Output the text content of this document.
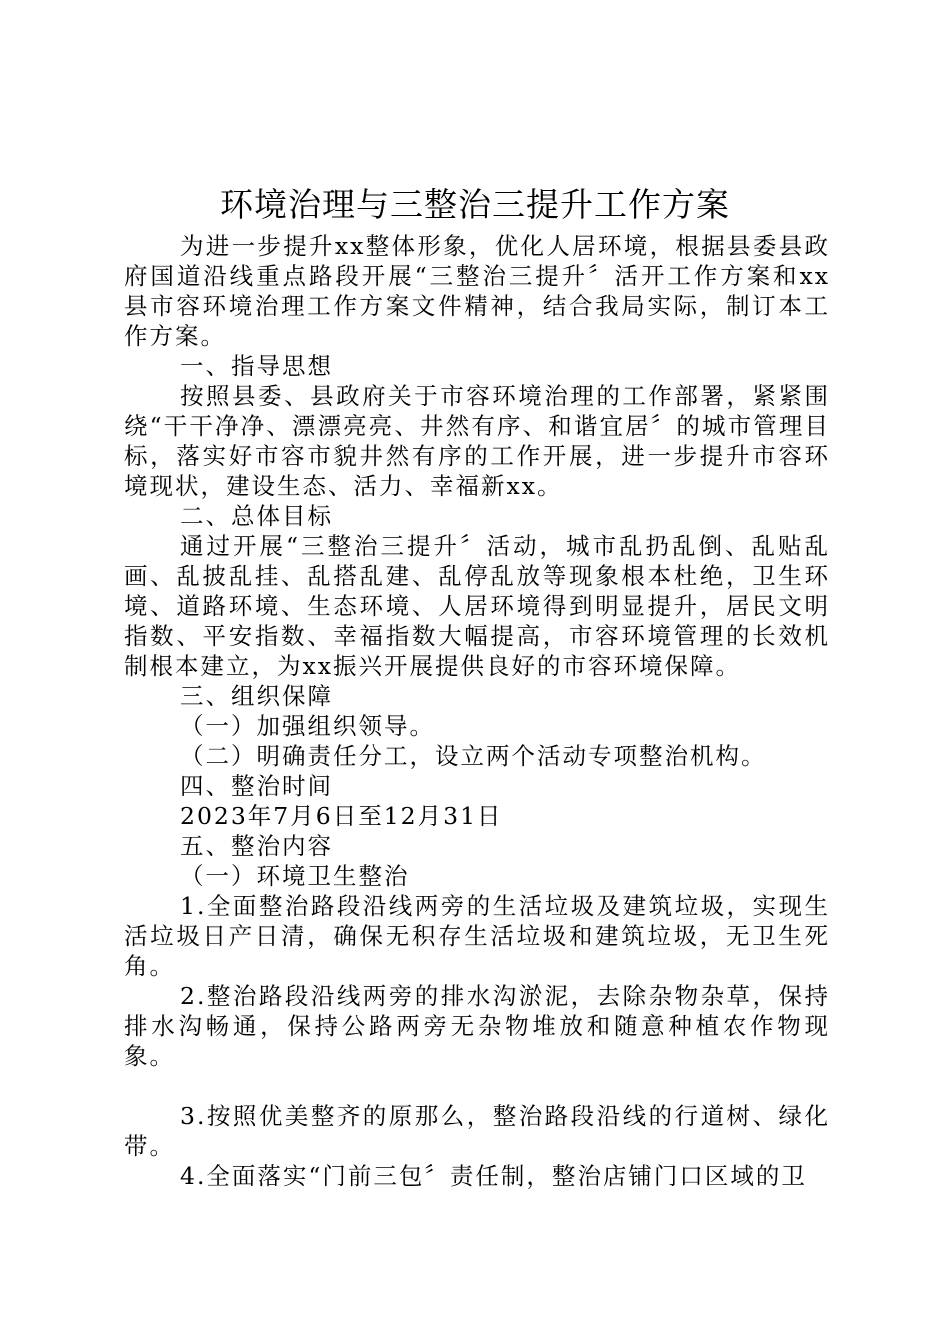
环境治理与三整治三提升工作方案

为进一步提升xx整体形象，优化人居环境，根据县委县政府国道沿线重点路段开展“三整治三提升〞活开工作方案和xx县市容环境治理工作方案文件精神，结合我局实际，制订本工作方案。

一、指导思想

按照县委、县政府关于市容环境治理的工作部署，紧紧围绕“干干净净、漂漂亮亮、井然有序、和谐宜居〞的城市管理目标，落实好市容市貌井然有序的工作开展，进一步提升市容环境现状，建设生态、活力、幸福新xx。

二、总体目标

通过开展“三整治三提升〞活动，城市乱扔乱倒、乱贴乱画、乱披乱挂、乱搭乱建、乱停乱放等现象根本杜绝，卫生环境、道路环境、生态环境、人居环境得到明显提升，居民文明指数、平安指数、幸福指数大幅提高，市容环境管理的长效机制根本建立，为xx振兴开展提供良好的市容环境保障。

三、组织保障

（一）加强组织领导。

（二）明确责任分工，设立两个活动专项整治机构。

四、整治时间

2023年7月6日至12月31日

五、整治内容

（一）环境卫生整治

1.全面整治路段沿线两旁的生活垃圾及建筑垃圾，实现生活垃圾日产日清，确保无积存生活垃圾和建筑垃圾，无卫生死角。

2.整治路段沿线两旁的排水沟淤泥，去除杂物杂草，保持排水沟畅通，保持公路两旁无杂物堆放和随意种植农作物现象。

3.按照优美整齐的原那么，整治路段沿线的行道树、绿化带。

4.全面落实“门前三包〞责任制，整治店铺门口区域的卫
